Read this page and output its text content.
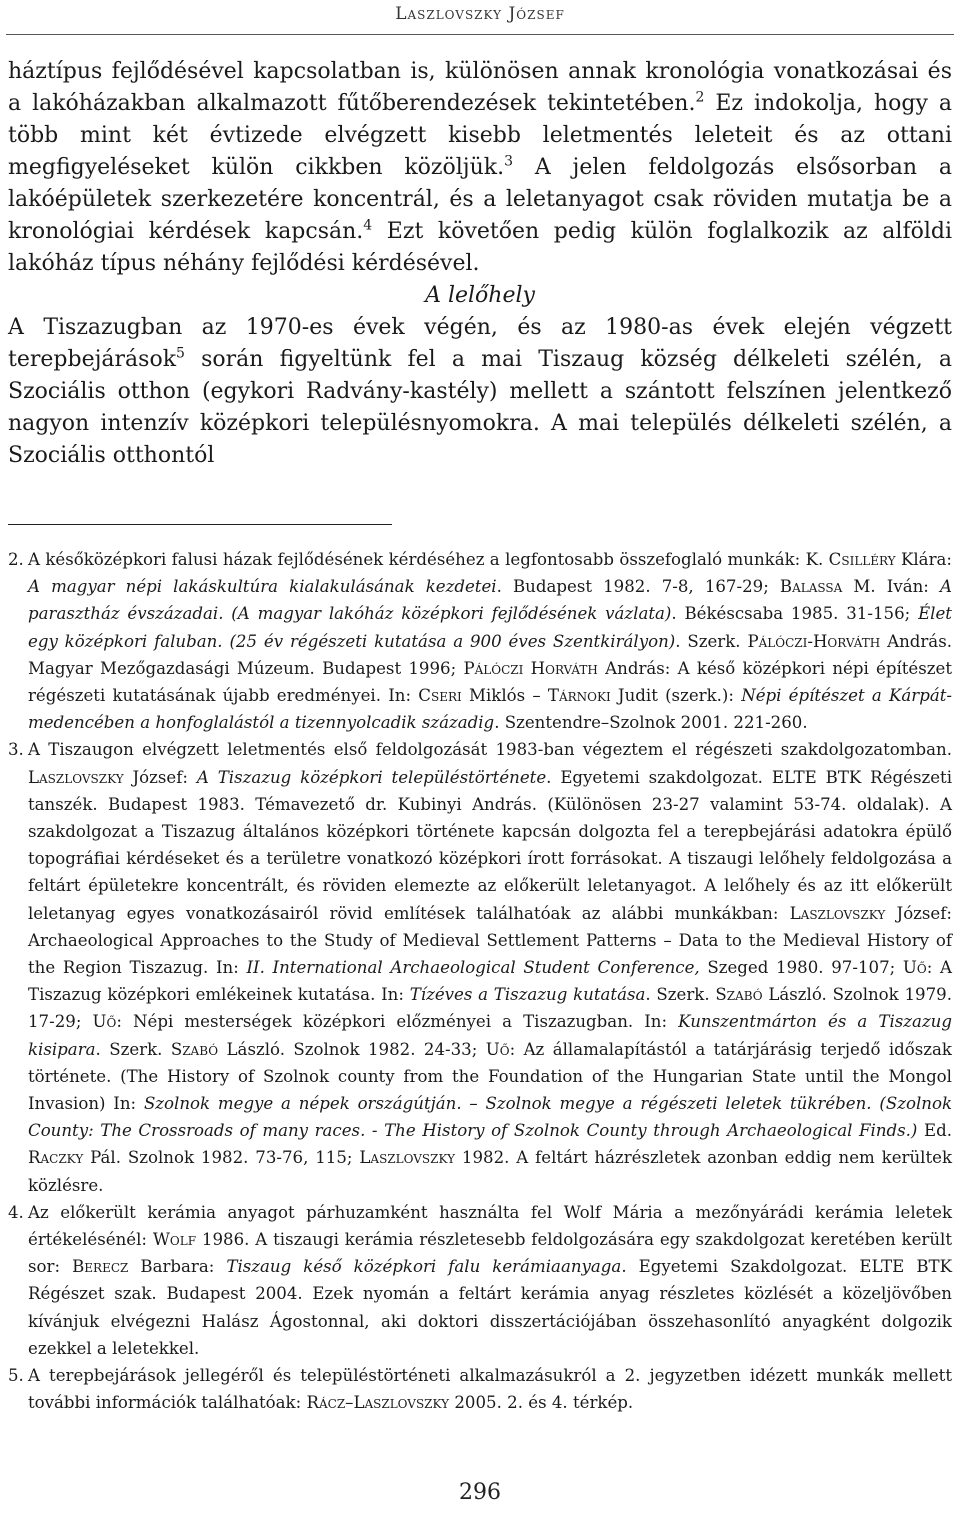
Laszlovszky József

háztípus fejlődésével kapcsolatban is, különösen annak kronológia vonatkozásai és a lakóházakban alkalmazott fűtőberendezések tekintetében.$^2$ Ez indokolja, hogy a több mint két évtizede elvégzett kisebb leletmentés leleteit és az ottani megfigyeléseket külön cikkben közöljük.$^3$ A jelen feldolgozás elsősorban a lakóépületek szerkezetére koncentrál, és a leletanyagot csak röviden mutatja be a kronológiai kérdések kapcsán.$^4$ Ezt követően pedig külön foglalkozik az alföldi lakóház típus néhány fejlődési kérdésével.

A lelőhely

A Tiszazugban az 1970-es évek végén, és az 1980-as évek elején végzett terepbejárások$^5$ során figyeltünk fel a mai Tiszaug község délkeleti szélén, a Szociális otthon (egykori Radvány-kastély) mellett a szántott felszínen jelentkező nagyon intenzív középkori településnyomokra. A mai település délkeleti szélén, a Szociális otthontól

2. A későközépkori falusi házak fejlődésének kérdéséhez a legfontosabb összefoglaló munkák: K. Csilléry Klára: A magyar népi lakáskultúra kialakulásának kezdetei. Budapest 1982. 7-8, 167-29; Balassa M. Iván: A parasztház évszázadai. (A magyar lakóház középkori fejlődésének vázlata). Békéscsaba 1985. 31-156; Élet egy középkori faluban. (25 év régészeti kutatása a 900 éves Szentkirályon). Szerk. Pálóczi-Horváth András. Magyar Mezőgazdasági Múzeum. Budapest 1996; Pálóczi Horváth András: A késő középkori népi építészet régészeti kutatásának újabb eredményei. In: Cseri Miklós – Tárnoki Judit (szerk.): Népi építészet a Kárpát-medencében a honfoglalástól a tizennyolcadik századig. Szentendre–Szolnok 2001. 221-260.
3. A Tiszaugon elvégzett leletmentés első feldolgozását 1983-ban végeztem el régészeti szakdolgozatomban. Laszlovszky József: A Tiszazug középkori településtörténete. Egyetemi szakdolgozat. ELTE BTK Régészeti tanszék. Budapest 1983. Témavezető dr. Kubinyi András. (Különösen 23-27 valamint 53-74. oldalak). A szakdolgozat a Tiszazug általános középkori története kapcsán dolgozta fel a terepbejárási adatokra épülő topográfiai kérdéseket és a területre vonatkozó középkori írott forrásokat. A tiszaugi lelőhely feldolgozása a feltárt épületekre koncentrált, és röviden elemezte az előkerült leletanyagot. A lelőhely és az itt előkerült leletanyag egyes vonatkozásairól rövid említések találhatóak az alábbi munkákban: Laszlovszky József: Archaeological Approaches to the Study of Medieval Settlement Patterns – Data to the Medieval History of the Region Tiszazug. In: II. International Archaeological Student Conference, Szeged 1980. 97-107; Uő: A Tiszazug középkori emlékeinek kutatása. In: Tízéves a Tiszazug kutatása. Szerk. Szabó László. Szolnok 1979. 17-29; Uő: Népi mesterségek középkori előzményei a Tiszazugban. In: Kunszentmárton és a Tiszazug kisipara. Szerk. Szabó László. Szolnok 1982. 24-33; Uő: Az államalapítástól a tatárjárásig terjedő időszak története. (The History of Szolnok county from the Foundation of the Hungarian State until the Mongol Invasion) In: Szolnok megye a népek országútján. – Szolnok megye a régészeti leletek tükrében. (Szolnok County: The Crossroads of many races. - The History of Szolnok County through Archaeological Finds.) Ed. Raczky Pál. Szolnok 1982. 73-76, 115; Laszlovszky 1982. A feltárt házrészletek azonban eddig nem kerültek közlésre.
4. Az előkerült kerámia anyagot párhuzamként használta fel Wolf Mária a mezőnyárádi kerámia leletek értékelésénél: Wolf 1986. A tiszaugi kerámia részletesebb feldolgozására egy szakdolgozat keretében került sor: Berecz Barbara: Tiszaug késő középkori falu kerámiaanyaga. Egyetemi Szakdolgozat. ELTE BTK Régészet szak. Budapest 2004. Ezek nyomán a feltárt kerámia anyag részletes közlését a közeljövőben kívánjuk elvégezni Halász Ágostonnal, aki doktori disszertációjában összehasonlító anyagként dolgozik ezekkel a leletekkel.
5. A terepbejárások jellegéről és településtörténeti alkalmazásukról a 2. jegyzetben idézett munkák mellett további információk találhatóak: Rácz–Laszlovszky 2005. 2. és 4. térkép.
296
